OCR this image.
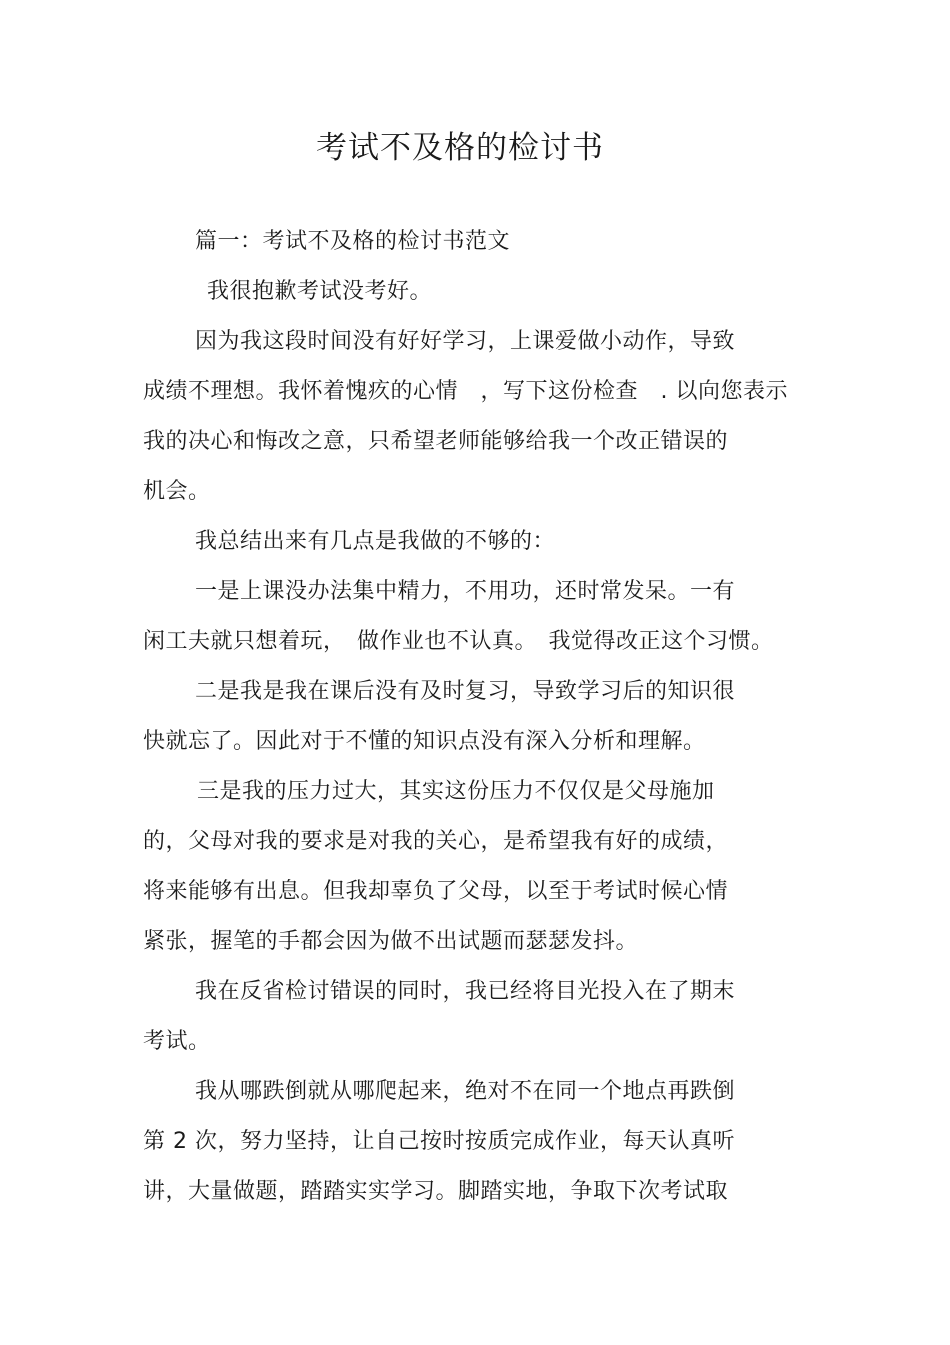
考试不及格的检讨书
篇一：考试不及格的检讨书范文
我很抱歉考试没考好。
因为我这段时间没有好好学习，上课爱做小动作，导致
成绩不理想。我怀着愧疚的心情　，写下这份检查　. 以向您表示
我的决心和悔改之意，只希望老师能够给我一个改正错误的
机会。
我总结出来有几点是我做的不够的：
一是上课没办法集中精力，不用功，还时常发呆。一有
闲工夫就只想着玩，　做作业也不认真。　我觉得改正这个习惯。
二是我是我在课后没有及时复习，导致学习后的知识很
快就忘了。因此对于不懂的知识点没有深入分析和理解。
三是我的压力过大，其实这份压力不仅仅是父母施加
的，父母对我的要求是对我的关心，是希望我有好的成绩，
将来能够有出息。但我却辜负了父母，以至于考试时候心情
紧张，握笔的手都会因为做不出试题而瑟瑟发抖。
我在反省检讨错误的同时，我已经将目光投入在了期末
考试。
我从哪跌倒就从哪爬起来，绝对不在同一个地点再跌倒
第 2 次，努力坚持，让自己按时按质完成作业，每天认真听
讲，大量做题，踏踏实实学习。脚踏实地，争取下次考试取
